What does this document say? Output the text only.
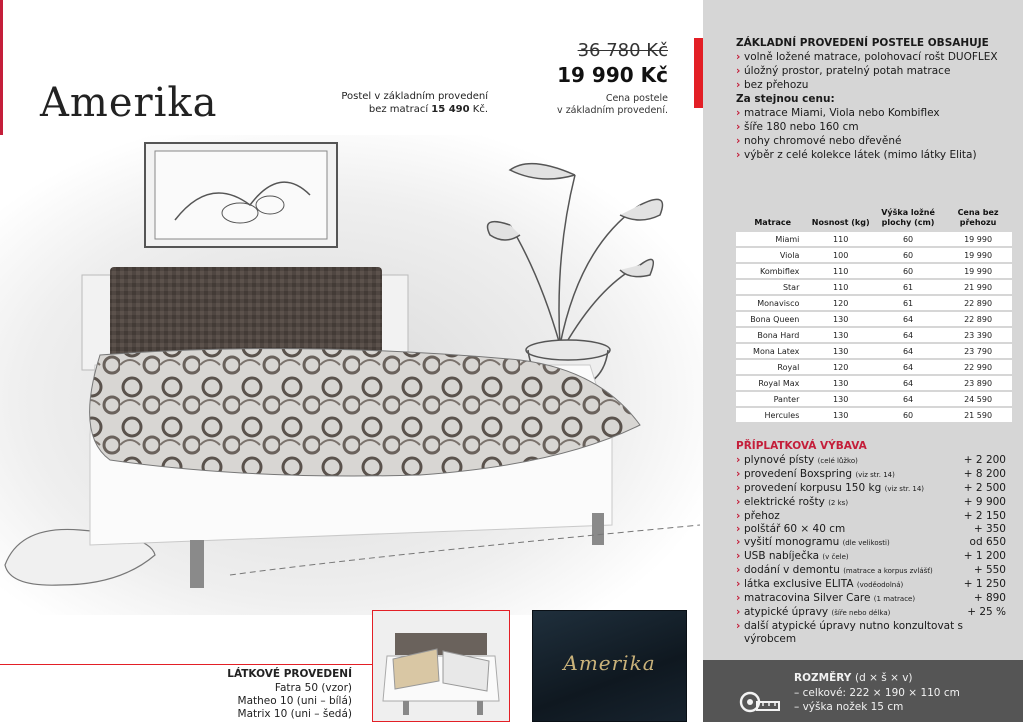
Amerika	Postel v základním provedení
bez matrací 15 490 Kč.
36 780 Kč
19 990 Kč
Cena postele
v základním provedení.
LÁTKOVÉ PROVEDENÍ
Fatra 50 (vzor)
Matheo 10 (uni – bílá)
Matrix 10 (uni – šedá)
Amerika
ZÁKLADNÍ PROVEDENÍ POSTELE OBSAHUJE
› volně ložené matrace, polohovací rošt DUOFLEX
› úložný prostor, pratelný potah matrace
› bez přehozu
Za stejnou cenu:
› matrace Miami, Viola nebo Kombiflex
› šíře 180 nebo 160 cm
› nohy chromové nebo dřevěné
› výběr z celé kolekce látek (mimo látky Elita)
Matrace	Nosnost (kg)	Výška ložné plochy (cm)	Cena bez přehozu
Miami	110	60	19 990
Viola	100	60	19 990
Kombiflex	110	60	19 990
Star	110	61	21 990
Monavisco	120	61	22 890
Bona Queen	130	64	22 890
Bona Hard	130	64	23 390
Mona Latex	130	64	23 790
Royal	120	64	22 990
Royal Max	130	64	23 890
Panter	130	64	24 590
Hercules	130	60	21 590
PŘÍPLATKOVÁ VÝBAVA
› plynové písty (celé lůžko)	+ 2 200
› provedení Boxspring (viz str. 14)	+ 8 200
› provedení korpusu 150 kg (viz str. 14)	+ 2 500
› elektrické rošty (2 ks)	+ 9 900
› přehoz	+ 2 150
› polštář 60 × 40 cm	+ 350
› vyšití monogramu (dle velikosti)	od 650
› USB nabíječka (v čele)	+ 1 200
› dodání v demontu (matrace a korpus zvlášť)	+ 550
› látka exclusive ELITA (voděodolná)	+ 1 250
› matracovina Silver Care (1 matrace)	+ 890
› atypické úpravy (šíře nebo délka)	+ 25 %
› další atypické úpravy nutno konzultovat s výrobcem
ROZMĚRY (d × š × v)
– celkové: 222 × 190 × 110 cm
– výška nožek 15 cm
